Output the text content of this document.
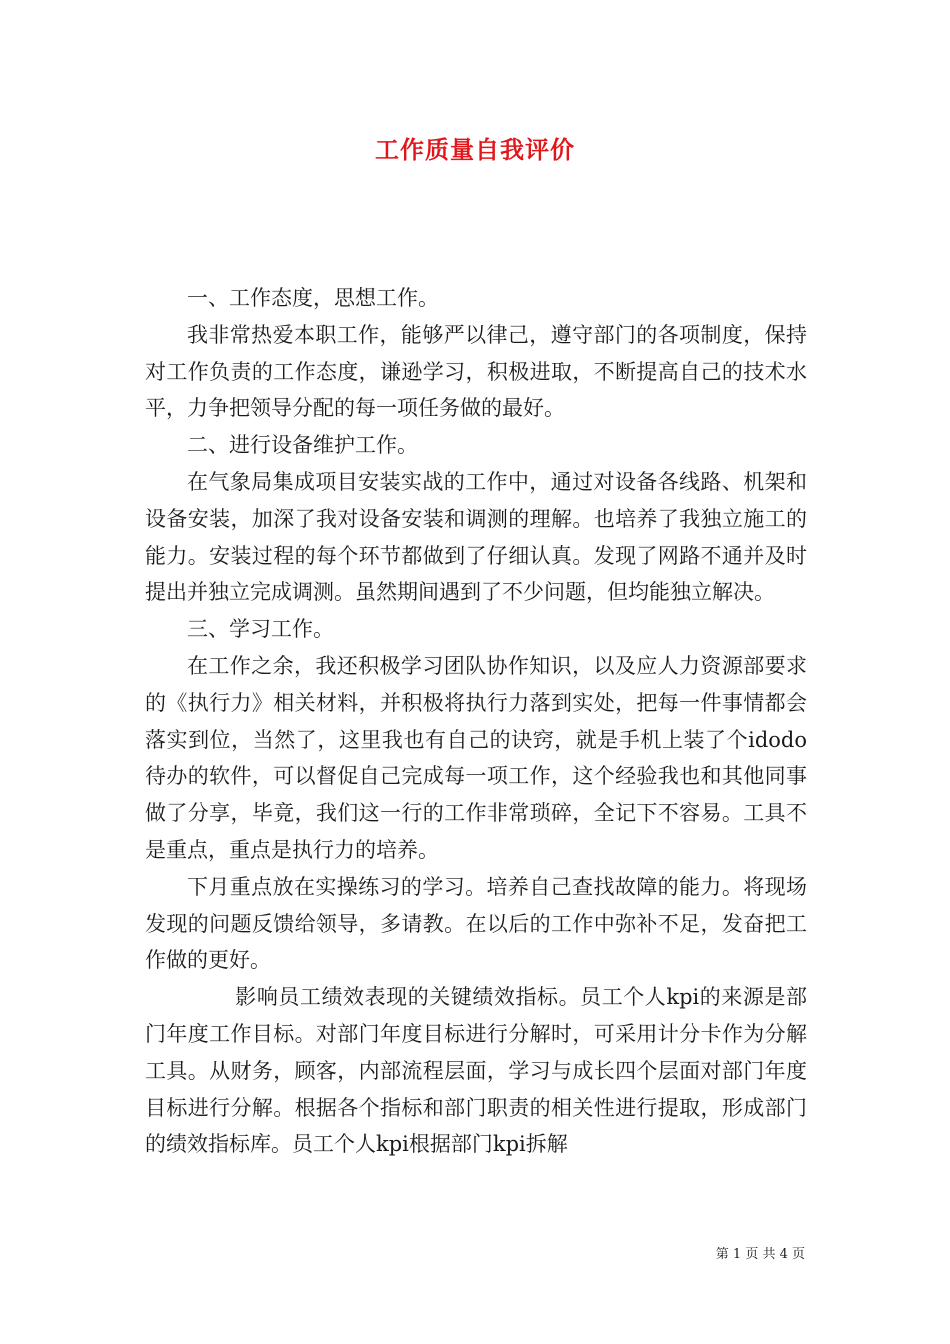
工作质量自我评价

一、工作态度，思想工作。

我非常热爱本职工作，能够严以律己，遵守部门的各项制度，保持对工作负责的工作态度，谦逊学习，积极进取，不断提高自己的技术水平，力争把领导分配的每一项任务做的最好。

二、进行设备维护工作。

在气象局集成项目安装实战的工作中，通过对设备各线路、机架和设备安装，加深了我对设备安装和调测的理解。也培养了我独立施工的能力。安装过程的每个环节都做到了仔细认真。发现了网路不通并及时提出并独立完成调测。虽然期间遇到了不少问题，但均能独立解决。

三、学习工作。

在工作之余，我还积极学习团队协作知识，以及应人力资源部要求的《执行力》相关材料，并积极将执行力落到实处，把每一件事情都会落实到位，当然了，这里我也有自己的诀窍，就是手机上装了个idodo待办的软件，可以督促自己完成每一项工作，这个经验我也和其他同事做了分享，毕竟，我们这一行的工作非常琐碎，全记下不容易。工具不是重点，重点是执行力的培养。

下月重点放在实操练习的学习。培养自己查找故障的能力。将现场发现的问题反馈给领导，多请教。在以后的工作中弥补不足，发奋把工作做的更好。

影响员工绩效表现的关键绩效指标。员工个人kpi的来源是部门年度工作目标。对部门年度目标进行分解时，可采用计分卡作为分解工具。从财务，顾客，内部流程层面，学习与成长四个层面对部门年度目标进行分解。根据各个指标和部门职责的相关性进行提取，形成部门的绩效指标库。员工个人kpi根据部门kpi拆解

第 1 页 共 4 页
